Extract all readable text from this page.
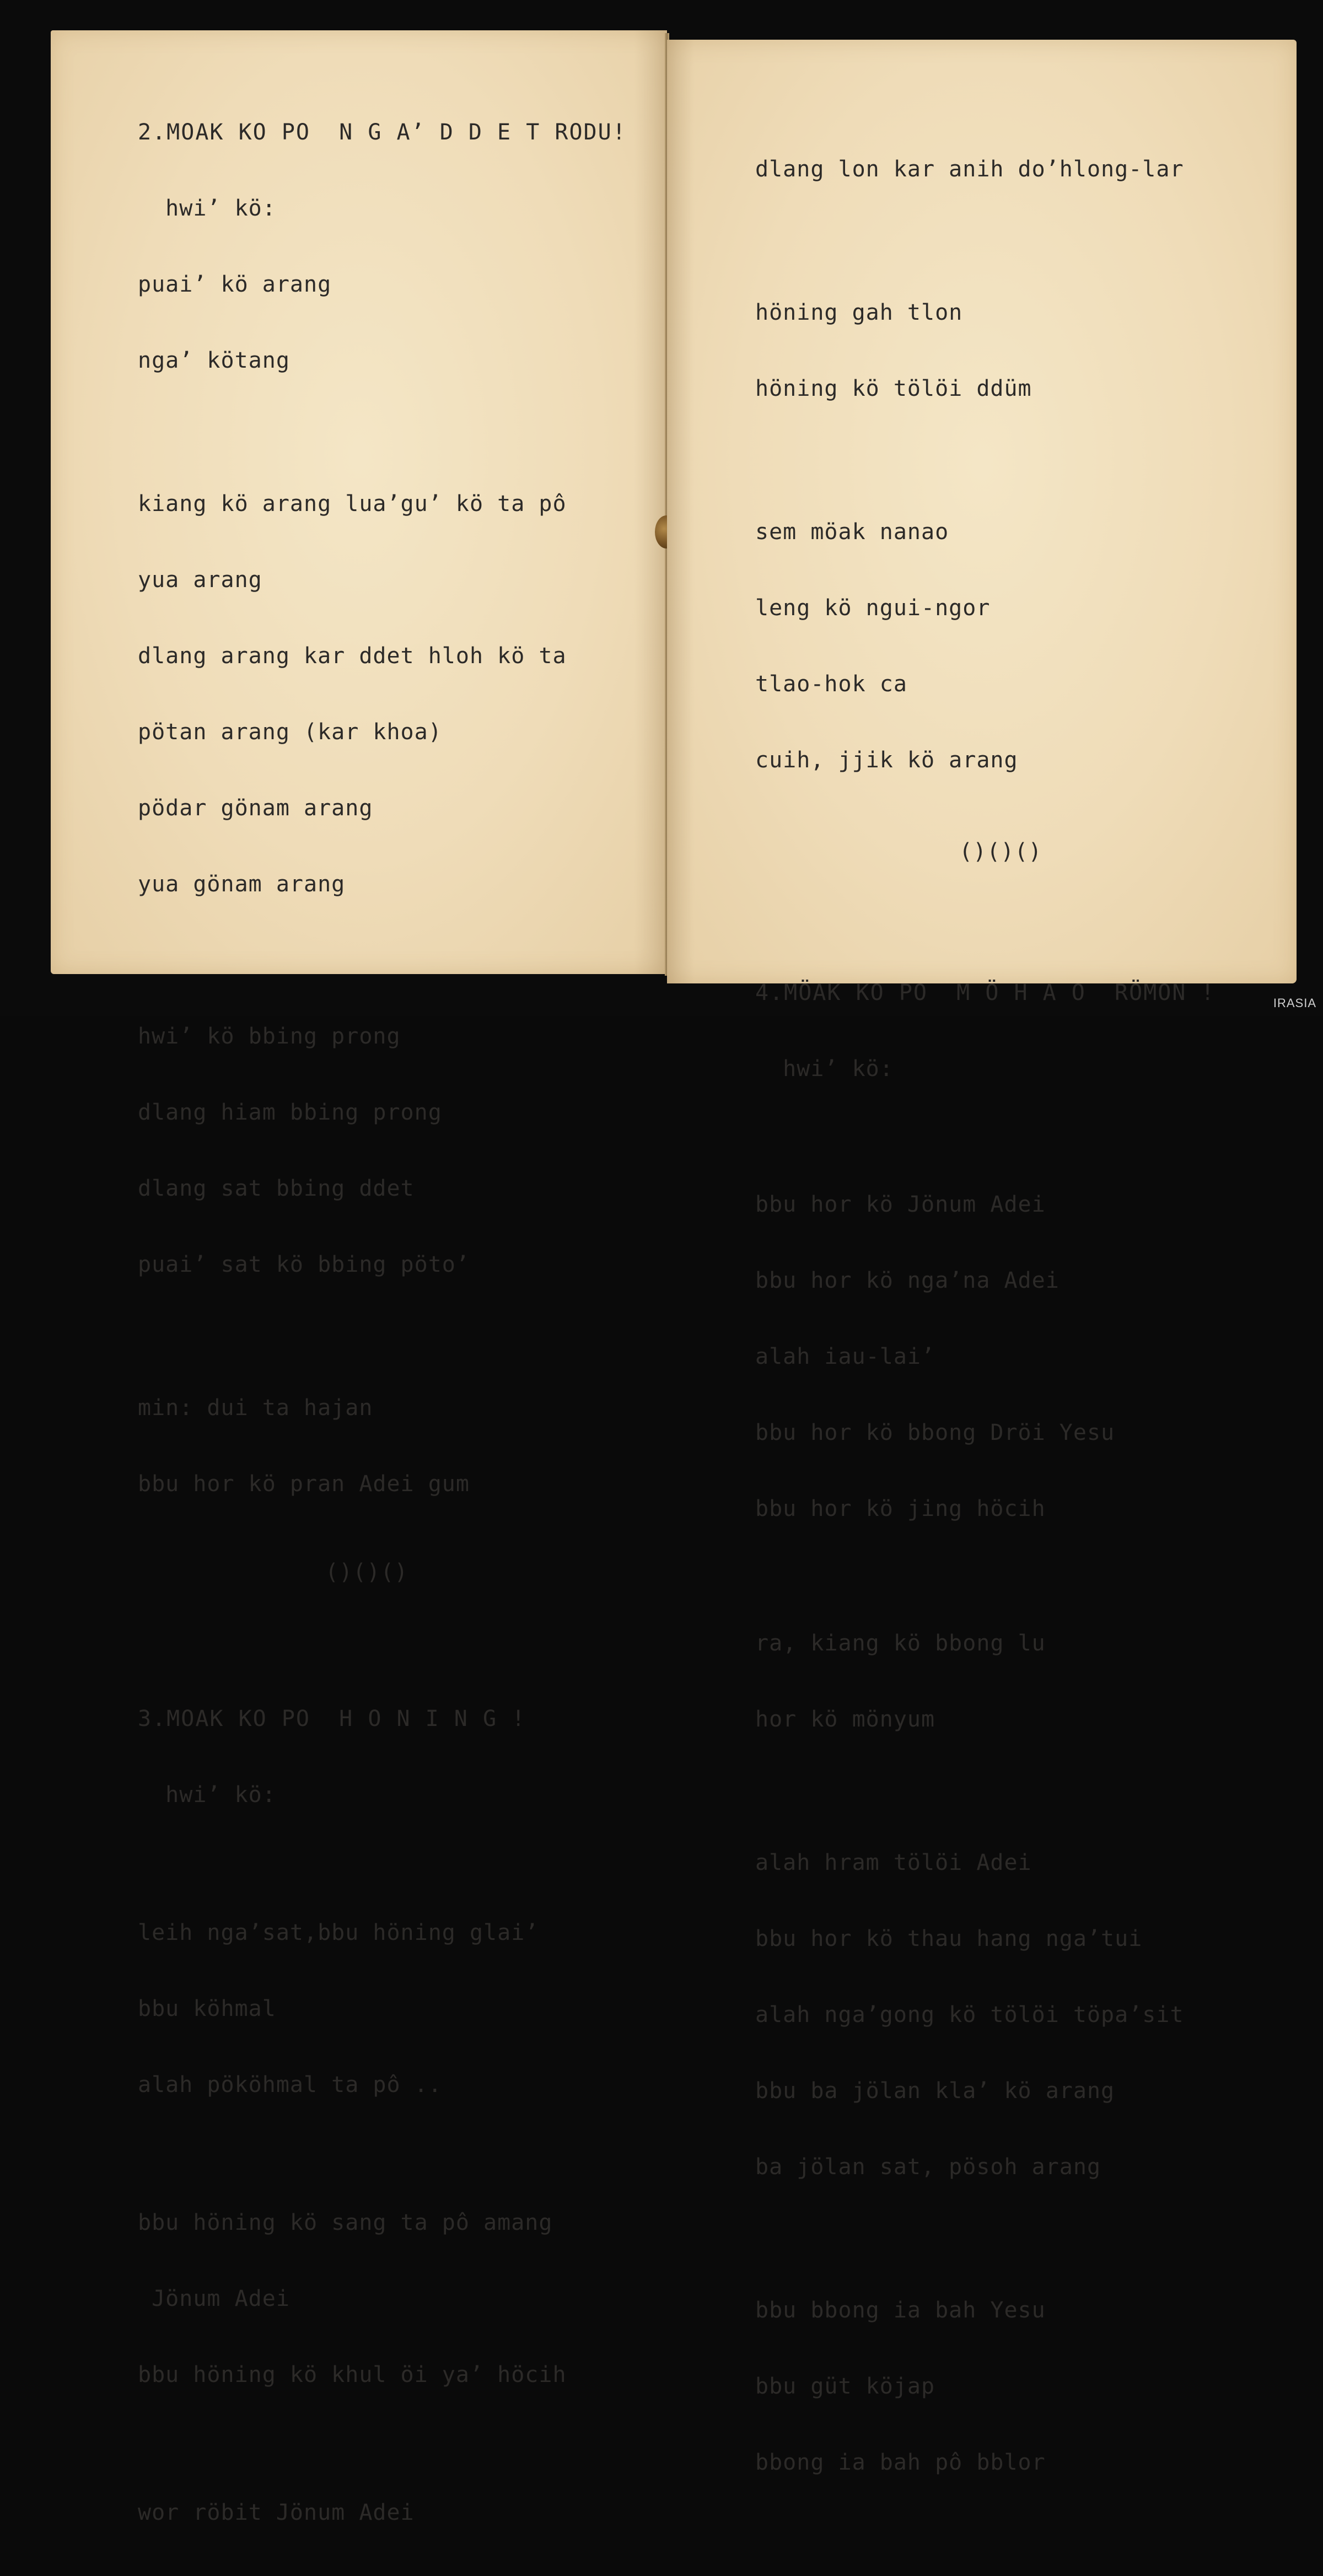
2.MOAK KO PO  N G A’ D D E T RODU!

hwi’ kö:

puai’ kö arang

nga’ kötang

kiang kö arang lua’gu’ kö ta pô

yua arang

dlang arang kar ddet hloh kö ta

pötan arang (kar khoa)

pödar gönam arang

yua gönam arang

hwi’ kö bbing prong

dlang hiam bbing prong

dlang sat bbing ddet

puai’ sat kö bbing pöto’

min: dui ta hajan

bbu hor kö pran Adei gum

()()()

3.MOAK KO PO  H O N I N G !

hwi’ kö:

leih nga’sat,bbu höning glai’

bbu köhmal

alah pököhmal ta pô ..

bbu höning kö sang ta pô amang

Jönum Adei

bbu höning kö khul öi ya’ höcih

wor röbit Jönum Adei

dlang lon kar anih do’hlong-lar

höning gah tlon

höning kö tölöi ddüm

sem möak nanao

leng kö ngui-ngor

tlao-hok ca

cuih, jjik kö arang

()()()

4.MÖAK KO PO  M Ö H A O  RÖMON !

hwi’ kö:

bbu hor kö Jönum Adei

bbu hor kö nga’na Adei

alah iau-lai’

bbu hor kö bbong Dröi Yesu

bbu hor kö jing höcih

ra, kiang kö bbong lu

hor kö mönyum

alah hram tölöi Adei

bbu hor kö thau hang nga’tui

alah nga’gong kö tölöi töpa’sit

bbu ba jölan kla’ kö arang

ba jölan sat, pösoh arang

bbu bbong ia bah Yesu

bbu güt köjap

bbong ia bah pô bblor

IRASIA
